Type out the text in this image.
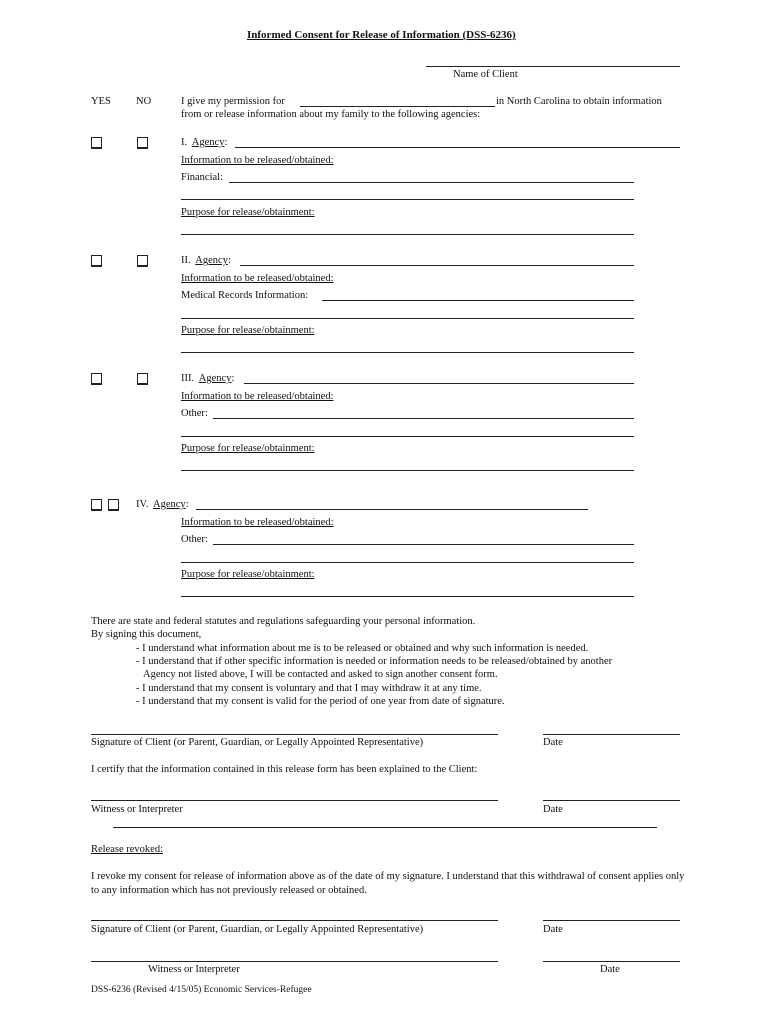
Informed Consent for Release of Information (DSS-6236)
Name of Client
YES NO	I give my permission for	in North Carolina to obtain information
from or release information about my family to the following agencies:
I. Agency:
Information to be released/obtained:
Financial:
Purpose for release/obtainment:
II. Agency:
Information to be released/obtained:
Medical Records Information:
Purpose for release/obtainment:
III. Agency:
Information to be released/obtained:
Other:
Purpose for release/obtainment:
IV. Agency:
Information to be released/obtained:
Other:
Purpose for release/obtainment:
There are state and federal statutes and regulations safeguarding your personal information.
By signing this document,
- I understand what information about me is to be released or obtained and why such information is needed.
- I understand that if other specific information is needed or information needs to be released/obtained by another
Agency not listed above, I will be contacted and asked to sign another consent form.
- I understand that my consent is voluntary and that I may withdraw it at any time.
- I understand that my consent is valid for the period of one year from date of signature.
Signature of Client (or Parent, Guardian, or Legally Appointed Representative)	Date
I certify that the information contained in this release form has been explained to the Client:
Witness or Interpreter	Date
Release revoked:
I revoke my consent for release of information above as of the date of my signature. I understand that this withdrawal of consent applies only to any information which has not previously released or obtained.
Signature of Client (or Parent, Guardian, or Legally Appointed Representative)	Date
Witness or Interpreter	Date
DSS-6236 (Revised 4/15/05) Economic Services-Refugee
